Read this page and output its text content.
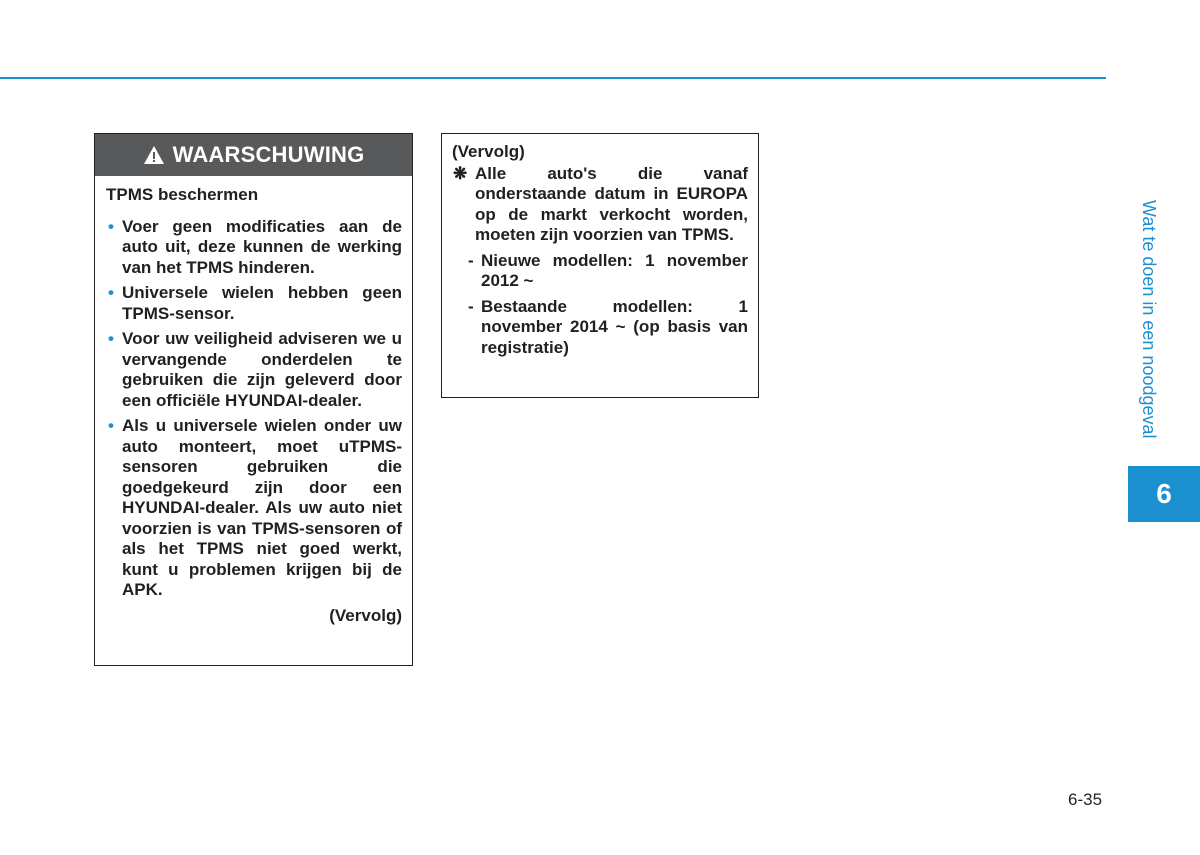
Wat te doen in een noodgeval
6
WAARSCHUWING
TPMS beschermen
• Voer geen modificaties aan de auto uit, deze kunnen de werking van het TPMS hinderen.
• Universele wielen hebben geen TPMS-sensor.
• Voor uw veiligheid adviseren we u vervangende onderdelen te gebruiken die zijn geleverd door een officiële HYUNDAI-dealer.
• Als u universele wielen onder uw auto monteert, moet uTPMS- sensoren gebruiken die goedgekeurd zijn door een HYUNDAI-dealer. Als uw auto niet voorzien is van TPMS-sensoren of als het TPMS niet goed werkt, kunt u problemen krijgen bij de APK.
(Vervolg)
(Vervolg)
❋ Alle auto's die vanaf onderstaande datum in EUROPA op de markt verkocht worden, moeten zijn voorzien van TPMS.
- Nieuwe modellen: 1 november 2012 ~
- Bestaande modellen: 1 november 2014 ~ (op basis van registratie)
6-35
